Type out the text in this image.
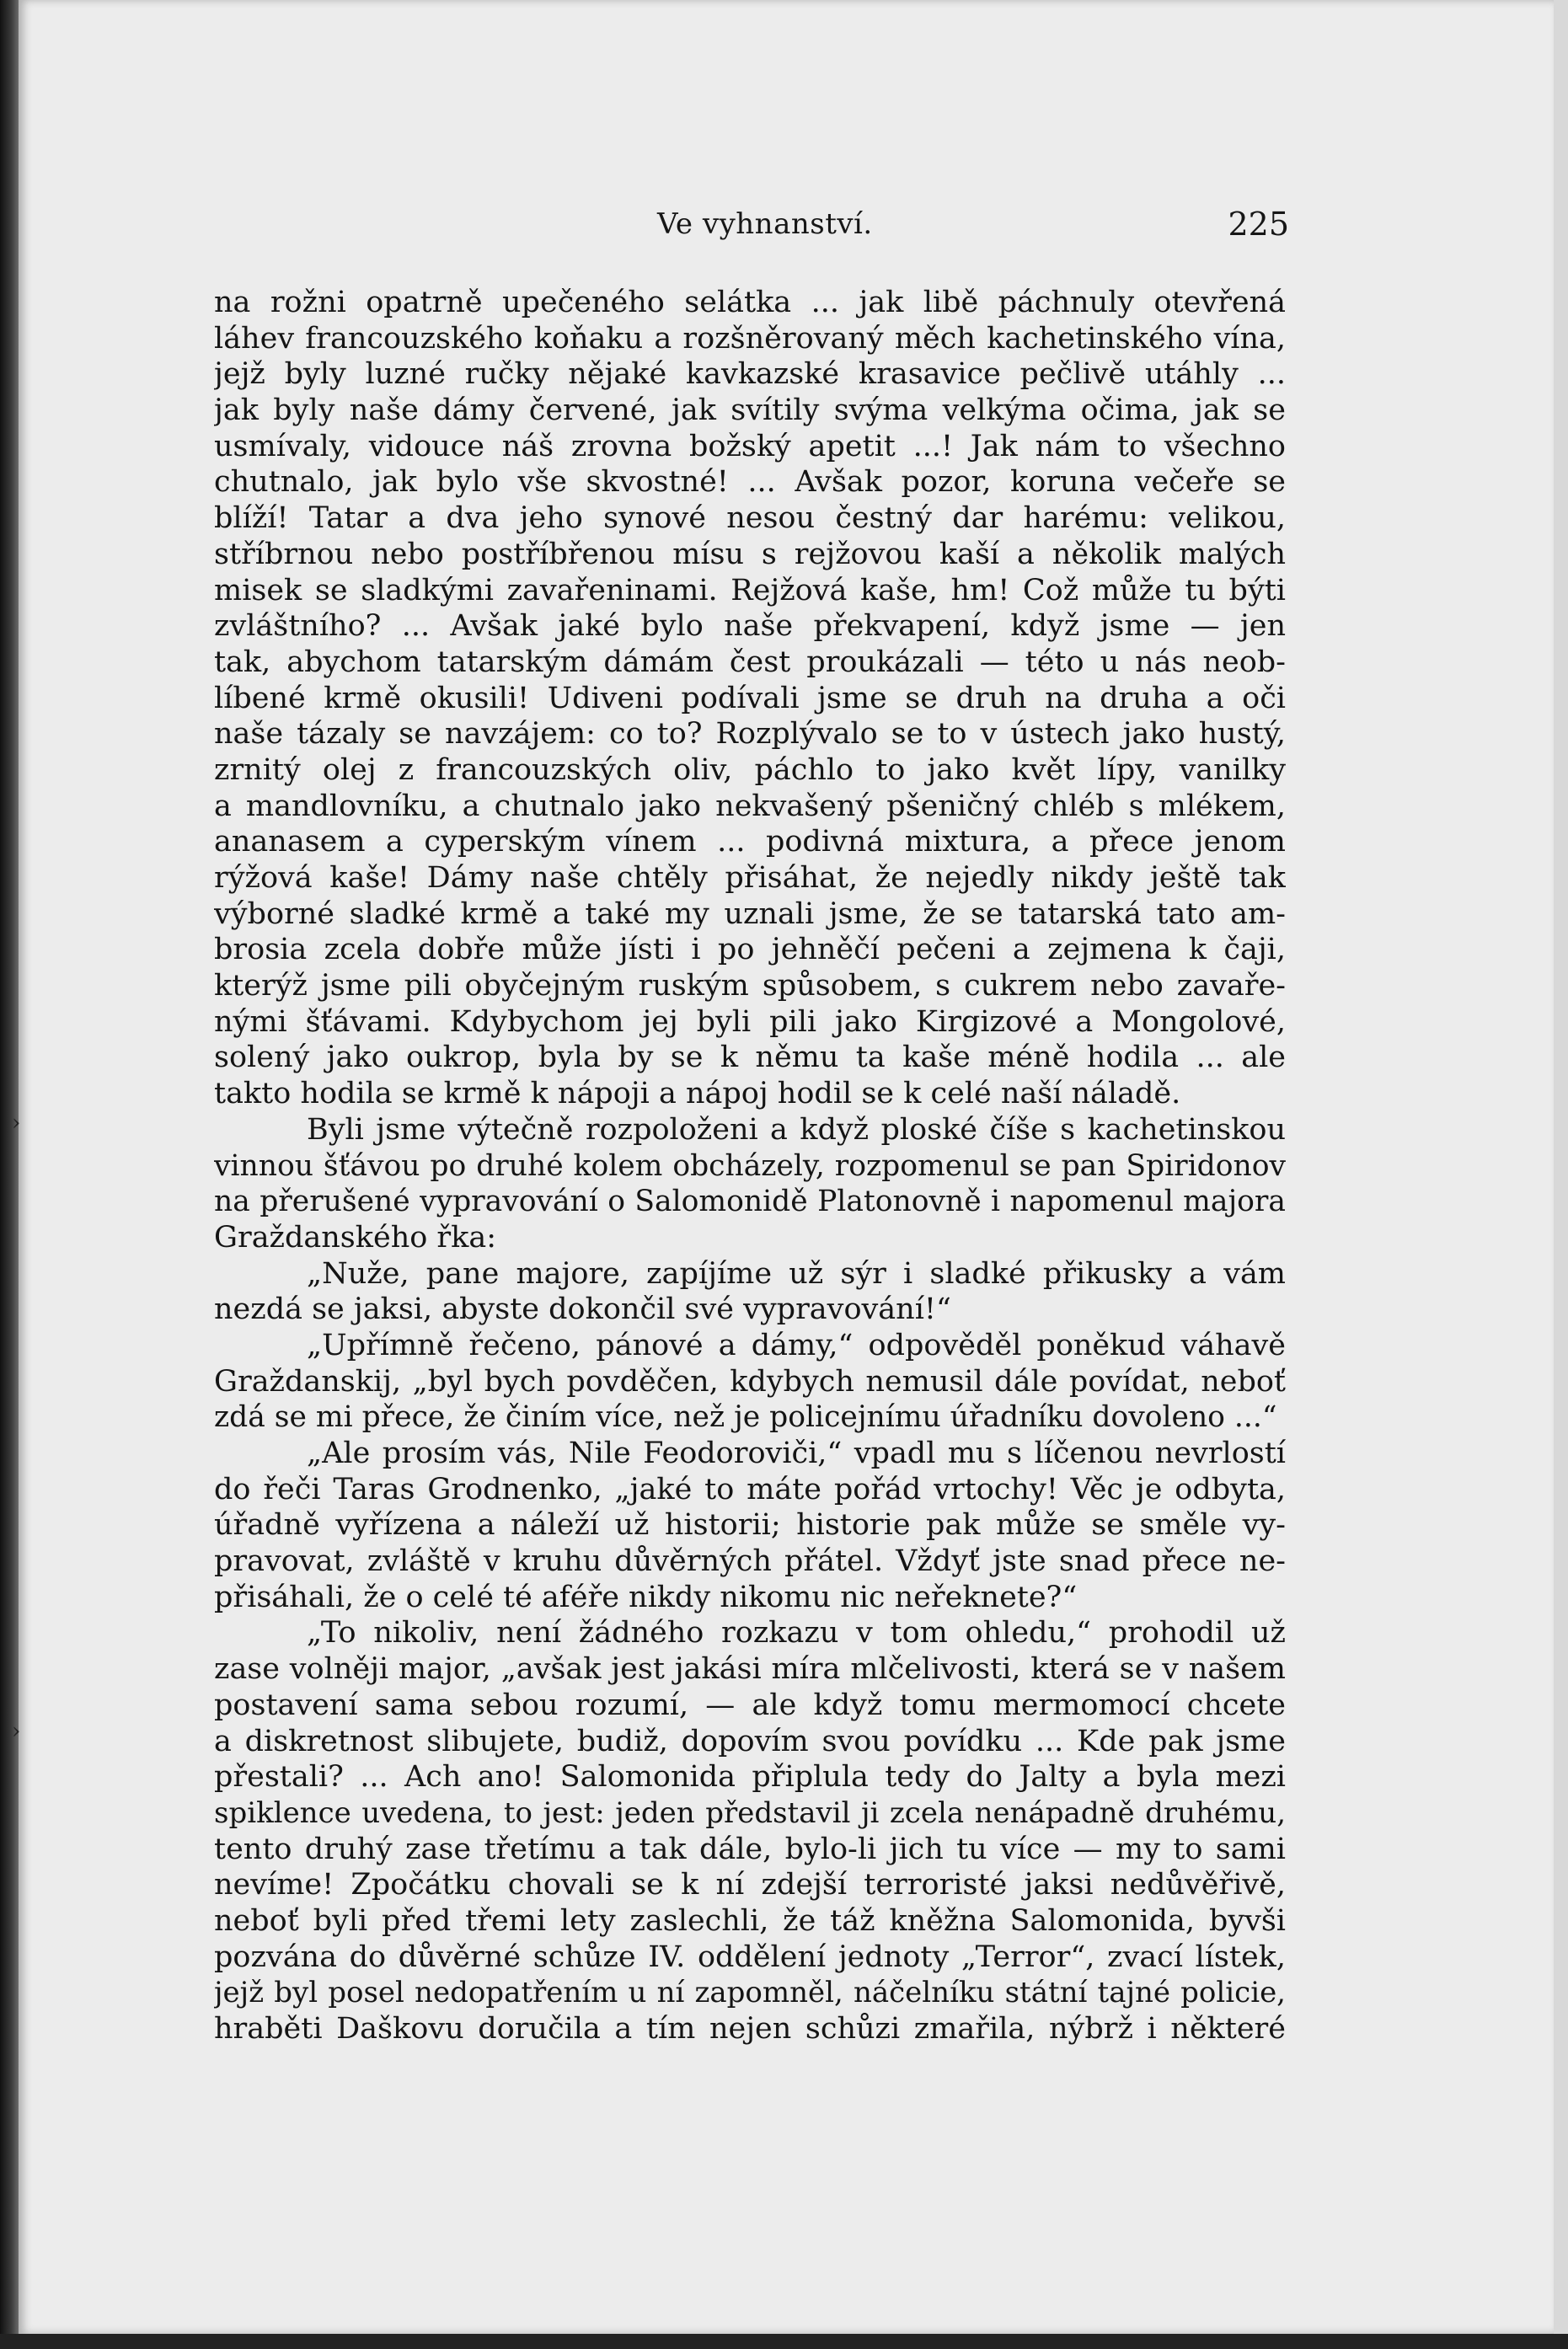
›
›
Ve vyhnanství.	225
na rožni opatrně upečeného selátka ... jak libě páchnuly otevřená
láhev francouzského koňaku a rozšněrovaný měch kachetinského vína,
jejž byly luzné ručky nějaké kavkazské krasavice pečlivě utáhly ...
jak byly naše dámy červené, jak svítily svýma velkýma očima, jak se
usmívaly, vidouce náš zrovna božský apetit ...! Jak nám to všechno
chutnalo, jak bylo vše skvostné! ... Avšak pozor, koruna večeře se
blíží! Tatar a dva jeho synové nesou čestný dar harému: velikou,
stříbrnou nebo postříbřenou mísu s rejžovou kaší a několik malých
misek se sladkými zavařeninami. Rejžová kaše, hm! Což může tu býti
zvláštního? ... Avšak jaké bylo naše překvapení, když jsme — jen
tak, abychom tatarským dámám čest proukázali — této u nás neob-
líbené krmě okusili! Udiveni podívali jsme se druh na druha a oči
naše tázaly se navzájem: co to? Rozplývalo se to v ústech jako hustý,
zrnitý olej z francouzských oliv, páchlo to jako květ lípy, vanilky
a mandlovníku, a chutnalo jako nekvašený pšeničný chléb s mlékem,
ananasem a cyperským vínem ... podivná mixtura, a přece jenom
rýžová kaše! Dámy naše chtěly přisáhat, že nejedly nikdy ještě tak
výborné sladké krmě a také my uznali jsme, že se tatarská tato am-
brosia zcela dobře může jísti i po jehněčí pečeni a zejmena k čaji,
kterýž jsme pili obyčejným ruským spůsobem, s cukrem nebo zavaře-
nými šťávami. Kdybychom jej byli pili jako Kirgizové a Mongolové,
solený jako oukrop, byla by se k němu ta kaše méně hodila ... ale
takto hodila se krmě k nápoji a nápoj hodil se k celé naší náladě.
Byli jsme výtečně rozpoloženi a když ploské číše s kachetinskou
vinnou šťávou po druhé kolem obcházely, rozpomenul se pan Spiridonov
na přerušené vypravování o Salomonidě Platonovně i napomenul majora
Graždanského řka:
„Nuže, pane majore, zapíjíme už sýr i sladké přikusky a vám
nezdá se jaksi, abyste dokončil své vypravování!“
„Upřímně řečeno, pánové a dámy,“ odpověděl poněkud váhavě
Graždanskij, „byl bych povděčen, kdybych nemusil dále povídat, neboť
zdá se mi přece, že činím více, než je policejnímu úřadníku dovoleno ...“
„Ale prosím vás, Nile Feodoroviči,“ vpadl mu s líčenou nevrlostí
do řeči Taras Grodnenko, „jaké to máte pořád vrtochy! Věc je odbyta,
úřadně vyřízena a náleží už historii; historie pak může se směle vy-
pravovat, zvláště v kruhu důvěrných přátel. Vždyť jste snad přece ne-
přisáhali, že o celé té aféře nikdy nikomu nic neřeknete?“
„To nikoliv, není žádného rozkazu v tom ohledu,“ prohodil už
zase volněji major, „avšak jest jakási míra mlčelivosti, která se v našem
postavení sama sebou rozumí, — ale když tomu mermomocí chcete
a diskretnost slibujete, budiž, dopovím svou povídku ... Kde pak jsme
přestali? ... Ach ano! Salomonida připlula tedy do Jalty a byla mezi
spiklence uvedena, to jest: jeden představil ji zcela nenápadně druhému,
tento druhý zase třetímu a tak dále, bylo-li jich tu více — my to sami
nevíme! Zpočátku chovali se k ní zdejší terroristé jaksi nedůvěřivě,
neboť byli před třemi lety zaslechli, že táž kněžna Salomonida, byvši
pozvána do důvěrné schůze IV. oddělení jednoty „Terror“, zvací lístek,
jejž byl posel nedopatřením u ní zapomněl, náčelníku státní tajné policie,
hraběti Daškovu doručila a tím nejen schůzi zmařila, nýbrž i některé
